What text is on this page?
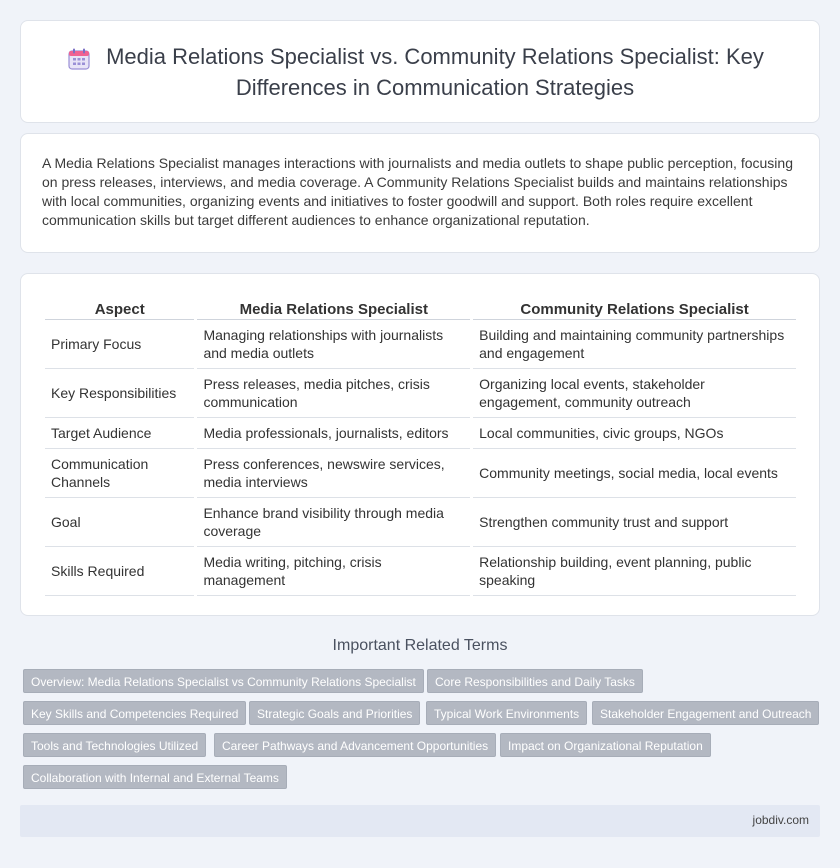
Media Relations Specialist vs. Community Relations Specialist: Key Differences in Communication Strategies

A Media Relations Specialist manages interactions with journalists and media outlets to shape public perception, focusing on press releases, interviews, and media coverage. A Community Relations Specialist builds and maintains relationships with local communities, organizing events and initiatives to foster goodwill and support. Both roles require excellent communication skills but target different audiences to enhance organizational reputation.

Aspect	Media Relations Specialist	Community Relations Specialist
Primary Focus	Managing relationships with journalists and media outlets	Building and maintaining community partnerships and engagement
Key Responsibilities	Press releases, media pitches, crisis communication	Organizing local events, stakeholder engagement, community outreach
Target Audience	Media professionals, journalists, editors	Local communities, civic groups, NGOs
Communication Channels	Press conferences, newswire services, media interviews	Community meetings, social media, local events
Goal	Enhance brand visibility through media coverage	Strengthen community trust and support
Skills Required	Media writing, pitching, crisis management	Relationship building, event planning, public speaking
Important Related Terms
Overview: Media Relations Specialist vs Community Relations Specialist	Core Responsibilities and Daily Tasks
Key Skills and Competencies Required	Strategic Goals and Priorities	Typical Work Environments	Stakeholder Engagement and Outreach
Tools and Technologies Utilized	Career Pathways and Advancement Opportunities	Impact on Organizational Reputation
Collaboration with Internal and External Teams
jobdiv.com
